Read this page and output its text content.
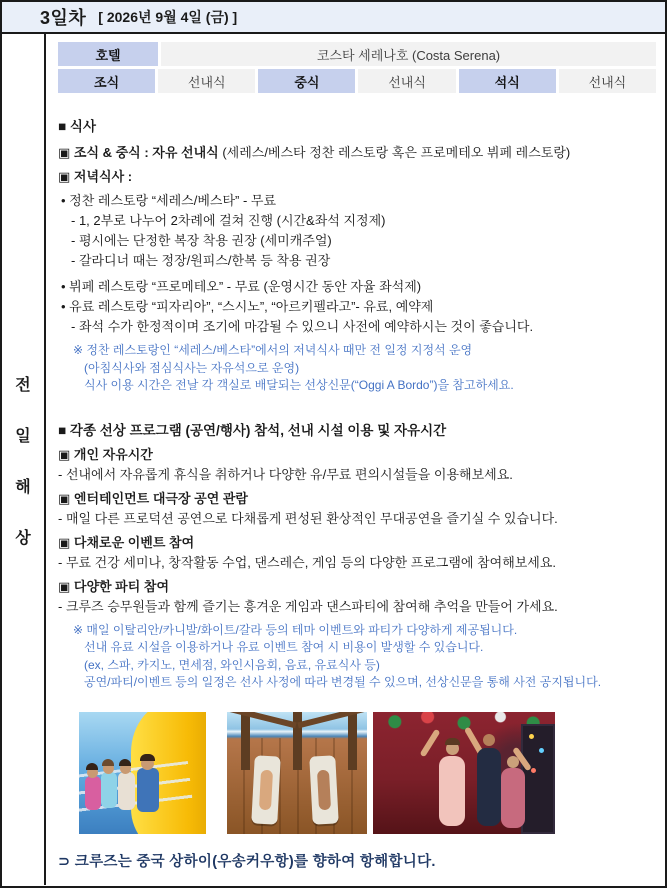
3일차 [ 2026년 9월 4일 (금) ]
전
일
해
상
호텔	코스타 세레나호 (Costa Serena)
조식	선내식	중식	선내식	석식	선내식
■ 식사
▣ 조식 & 중식 : 자유 선내식 (세레스/베스타 정찬 레스토랑 혹은 프로메테오 뷔페 레스토랑)
▣ 저녁식사 :
• 정찬 레스토랑 “세레스/베스타” - 무료
- 1, 2부로 나누어 2차례에 걸쳐 진행 (시간&좌석 지정제)
- 평시에는 단정한 복장 착용 권장 (세미캐주얼)
- 갈라디너 때는 정장/원피스/한복 등 착용 권장
• 뷔페 레스토랑 “프로메테오” - 무료 (운영시간 동안 자율 좌석제)
• 유료 레스토랑 “피자리아”, “스시노”, “아르키펠라고”- 유료, 예약제
- 좌석 수가 한정적이며 조기에 마감될 수 있으니 사전에 예약하시는 것이 좋습니다.
※ 정찬 레스토랑인 “세레스/베스타”에서의 저녁식사 때만 전 일정 지정석 운영
(아침식사와 점심식사는 자유석으로 운영)
식사 이용 시간은 전날 각 객실로 배달되는 선상신문(“Oggi A Bordo”)을 참고하세요.
■ 각종 선상 프로그램 (공연/행사) 참석, 선내 시설 이용 및 자유시간
▣ 개인 자유시간
- 선내에서 자유롭게 휴식을 취하거나 다양한 유/무료 편의시설들을 이용해보세요.
▣ 엔터테인먼트 대극장 공연 관람
- 매일 다른 프로덕션 공연으로 다채롭게 편성된 환상적인 무대공연을 즐기실 수 있습니다.
▣ 다채로운 이벤트 참여
- 무료 건강 세미나, 창작활동 수업, 댄스레슨, 게임 등의 다양한 프로그램에 참여해보세요.
▣ 다양한 파티 참여
- 크루즈 승무원들과 함께 즐기는 흥겨운 게임과 댄스파티에 참여해 추억을 만들어 가세요.
※ 매일 이탈리안/카니발/화이트/갈라 등의 테마 이벤트와 파티가 다양하게 제공됩니다.
선내 유료 시설을 이용하거나 유료 이벤트 참여 시 비용이 발생할 수 있습니다.
(ex, 스파, 카지노, 면세점, 와인시음회, 음료, 유료식사 등)
공연/파티/이벤트 등의 일정은 선사 사정에 따라 변경될 수 있으며, 선상신문을 통해 사전 공지됩니다.
⊃ 크루즈는 중국 상하이(우송커우항)를 향하여 항해합니다.
